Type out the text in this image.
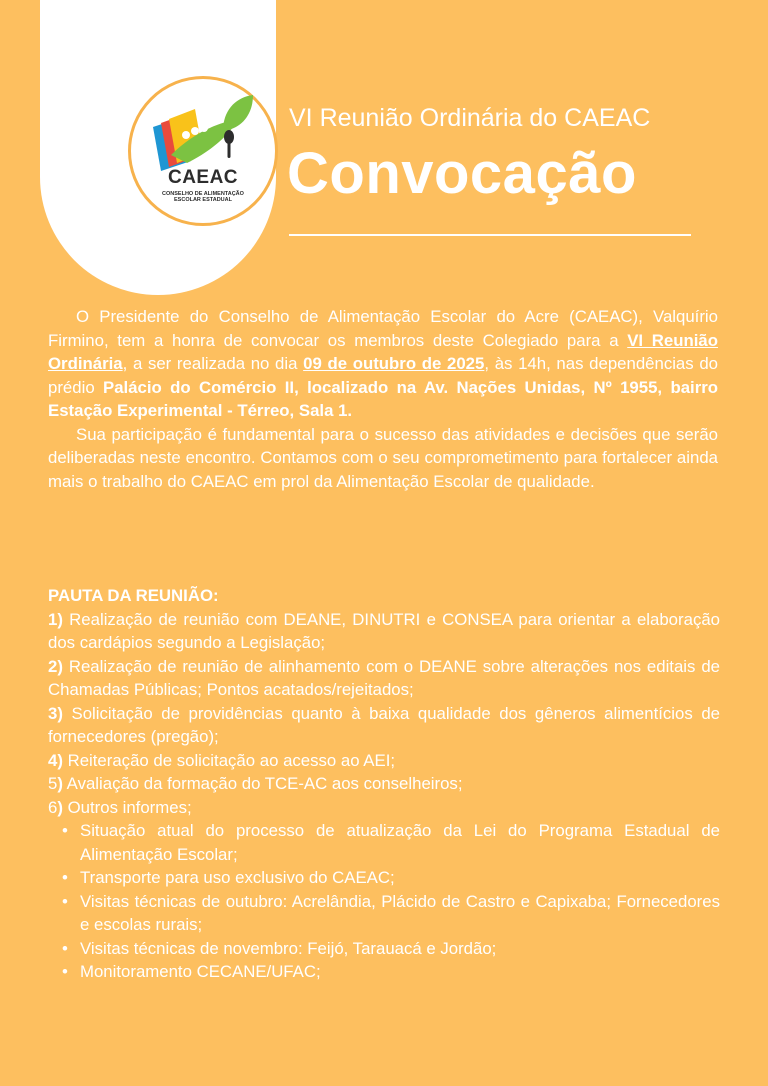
CAEAC
CONSELHO DE ALIMENTAÇÃO ESCOLAR ESTADUAL
VI Reunião Ordinária do CAEAC
Convocação

O Presidente do Conselho de Alimentação Escolar do Acre (CAEAC), Valquírio Firmino, tem a honra de convocar os membros deste Colegiado para a VI Reunião Ordinária, a ser realizada no dia 09 de outubro de 2025, às 14h, nas dependências do prédio Palácio do Comércio II, localizado na Av. Nações Unidas, Nº 1955, bairro Estação Experimental - Térreo, Sala 1.

Sua participação é fundamental para o sucesso das atividades e decisões que serão deliberadas neste encontro. Contamos com o seu comprometimento para fortalecer ainda mais o trabalho do CAEAC em prol da Alimentação Escolar de qualidade.

PAUTA DA REUNIÃO:

1) Realização de reunião com DEANE, DINUTRI e CONSEA para orientar a elaboração dos cardápios segundo a Legislação;

2) Realização de reunião de alinhamento com o DEANE sobre alterações nos editais de Chamadas Públicas; Pontos acatados/rejeitados;

3) Solicitação de providências quanto à baixa qualidade dos gêneros alimentícios de fornecedores (pregão);

4) Reiteração de solicitação ao acesso ao AEI;

5) Avaliação da formação do TCE-AC aos conselheiros;

6) Outros informes;

• Situação atual do processo de atualização da Lei do Programa Estadual de Alimentação Escolar;
• Transporte para uso exclusivo do CAEAC;
• Visitas técnicas de outubro: Acrelândia, Plácido de Castro e Capixaba; Fornecedores e escolas rurais;
• Visitas técnicas de novembro: Feijó, Tarauacá e Jordão;
• Monitoramento CECANE/UFAC;
